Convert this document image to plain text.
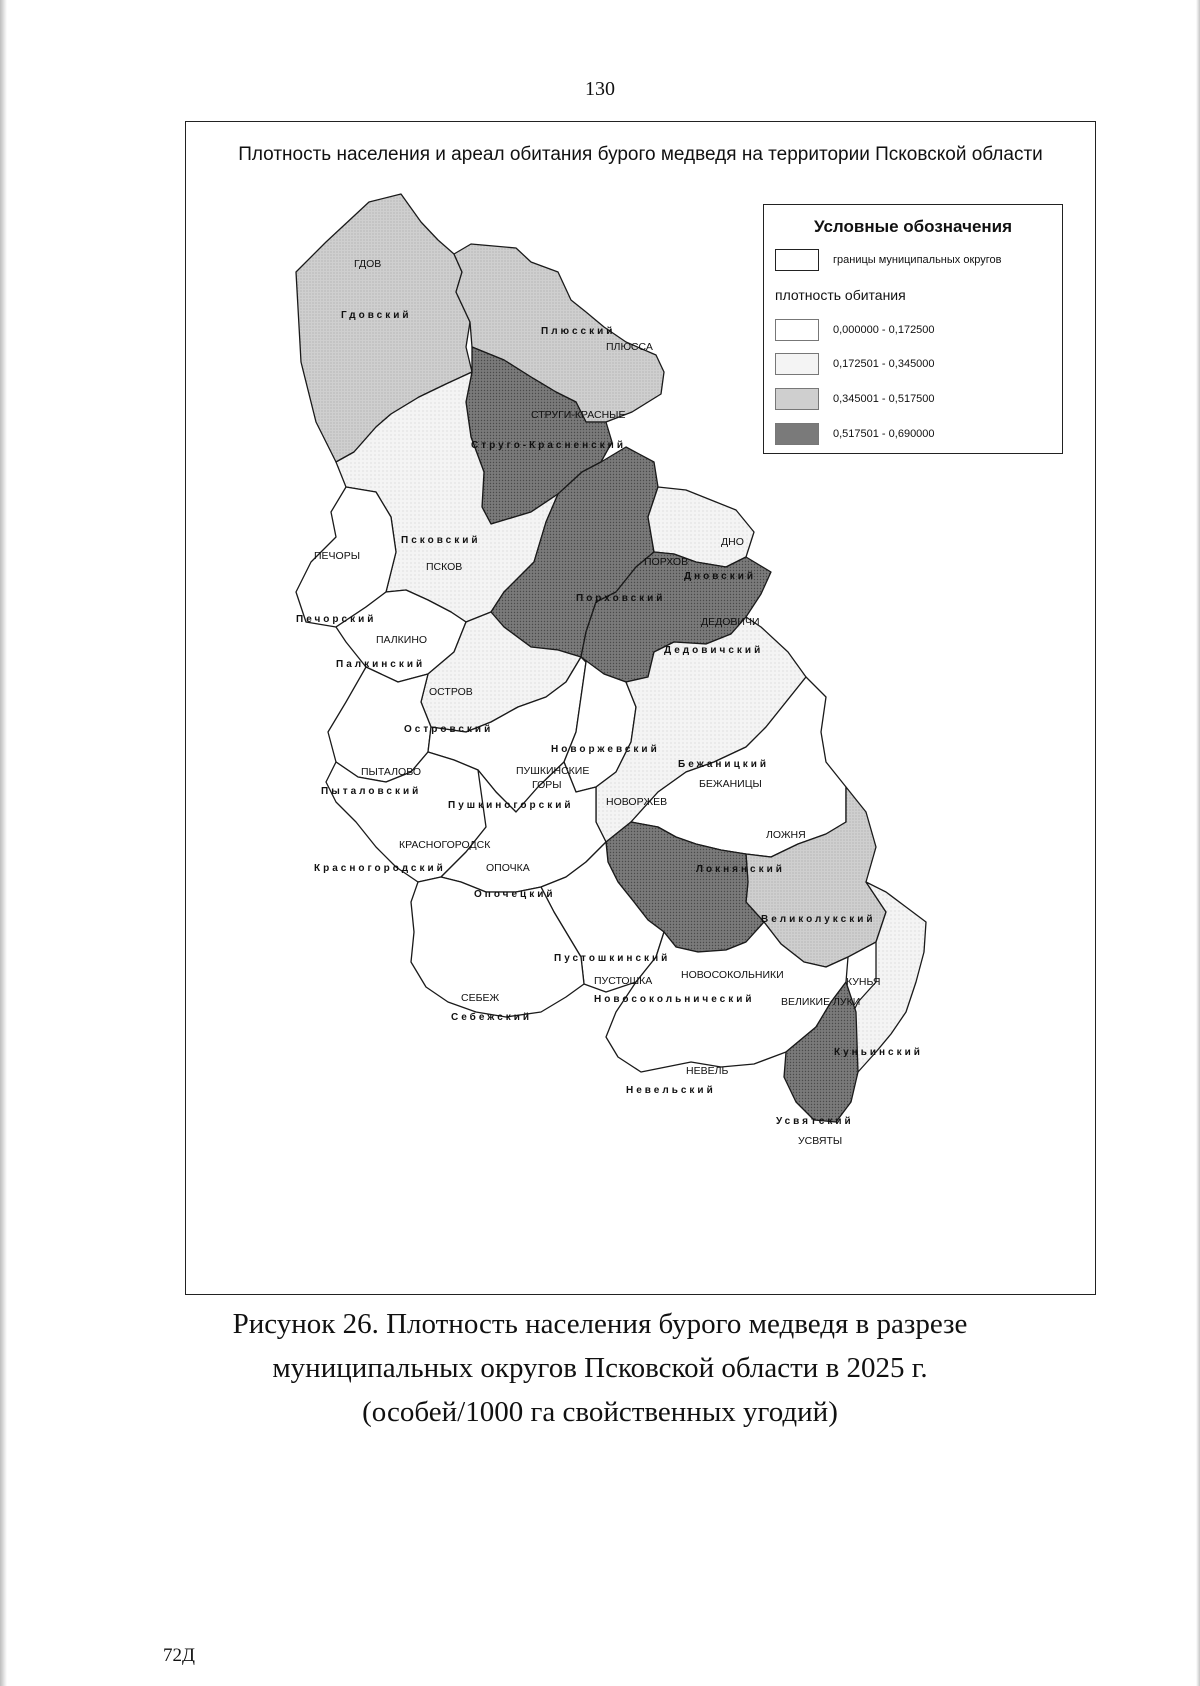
130
Плотность населения и ареал обитания бурого медведя на территории Псковской области
ГДОВ
Гдовский
ПЛЮССА
Плюсский
СТРУГИ-КРАСНЫЕ
Струго-Красненский
ПЕЧОРЫ
ПСКОВ
Псковский	ДНО
Дновский
Печорский
ПОРХОВ
Порховский
ДЕДОВИЧИ
Дедовичский
ПАЛКИНО
Палкинский
ОСТРОВ
Островский
Новоржевский
ПЫТАЛОВО
Пыталовский
ПУШКИНСКИЕ
ГОРЫ
Пушкиногорский	НОВОРЖЕВ
Бежаницкий
БЕЖАНИЦЫ
ЛОЖНЯ
Локнянский
КРАСНОГОРОДСК
Красногородский	ОПОЧКА
Опочецкий
Великолукский
Пустошкинский
НОВОСОКОЛЬНИКИ
ПУСТОШКА
Новосокольнический
СЕБЕЖ
Себежский
ВЕЛИКИЕ ЛУКИ
КУНЬЯ
Куньинский
НЕВЕЛЬ
Невельский
Усвятский
УСВЯТЫ
Условные обозначения
границы муниципальных округов
плотность обитания
0,000000 - 0,172500
0,172501 - 0,345000
0,345001 - 0,517500
0,517501 - 0,690000
Рисунок 26. Плотность населения бурого медведя в разрезе
муниципальных округов Псковской области в 2025 г.
(особей/1000 га свойственных угодий)
72Д
